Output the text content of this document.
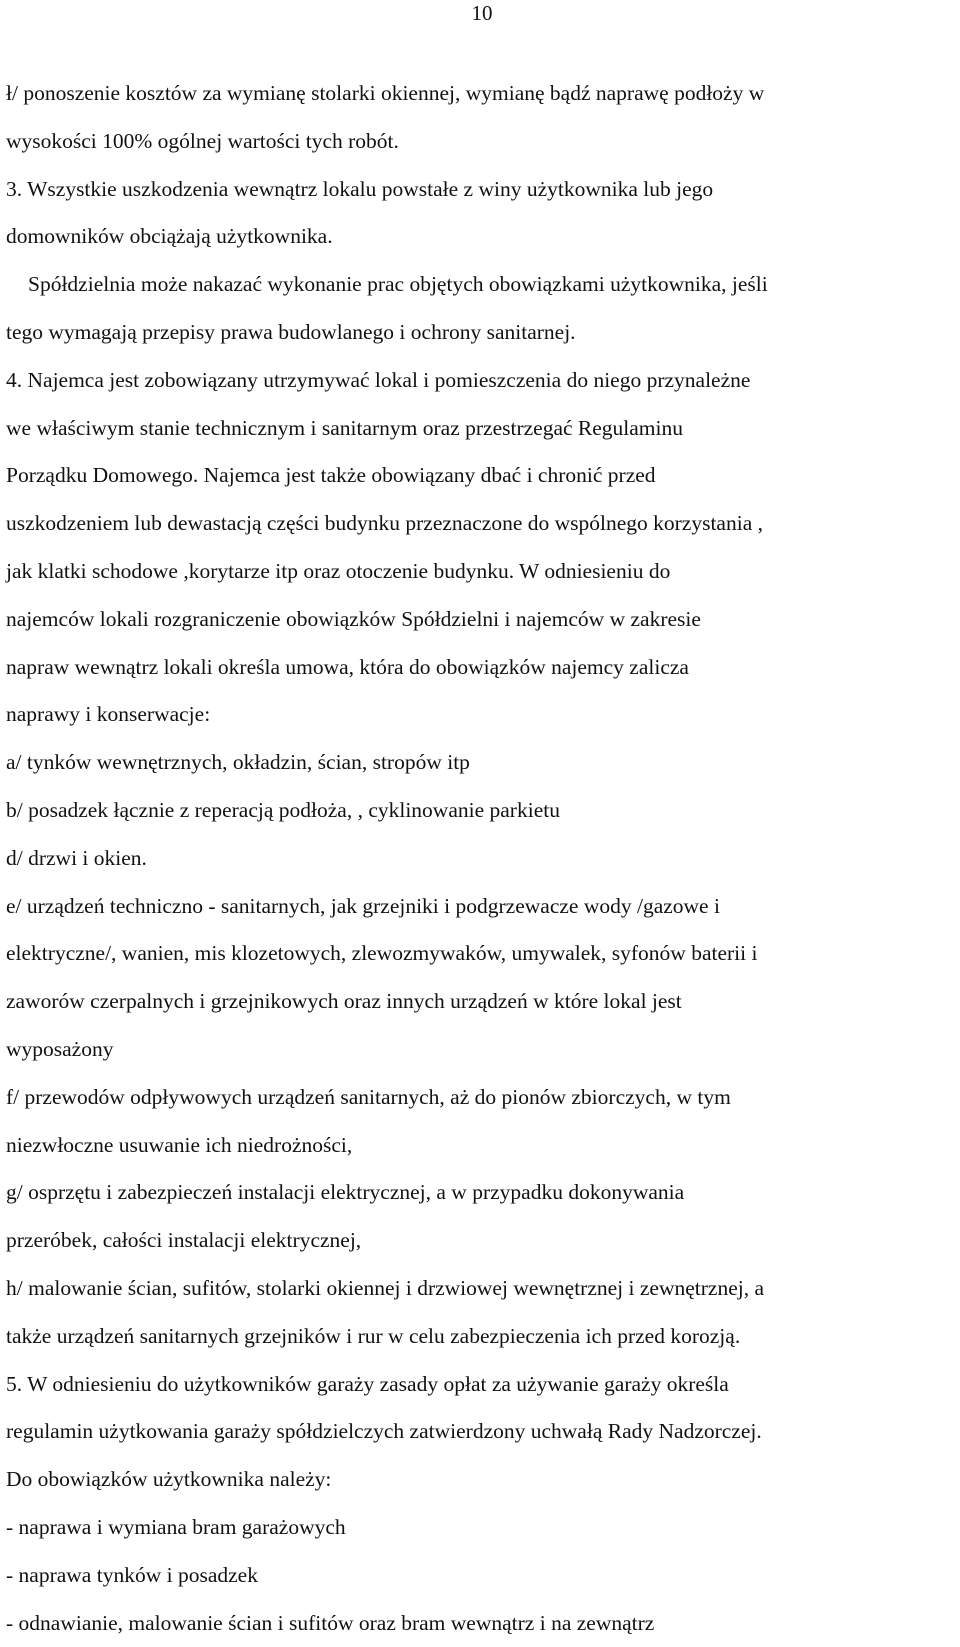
10
ł/ ponoszenie kosztów za wymianę stolarki okiennej, wymianę bądź naprawę podłoży w
wysokości 100% ogólnej wartości tych robót.
3. Wszystkie uszkodzenia wewnątrz lokalu powstałe z winy użytkownika lub jego
domowników obciążają użytkownika.
Spółdzielnia może nakazać wykonanie prac objętych obowiązkami użytkownika, jeśli
tego wymagają przepisy prawa budowlanego i ochrony sanitarnej.
4. Najemca jest zobowiązany utrzymywać lokal i pomieszczenia do niego przynależne
we właściwym stanie technicznym i sanitarnym oraz przestrzegać Regulaminu
Porządku Domowego. Najemca jest także obowiązany dbać i chronić przed
uszkodzeniem lub dewastacją części budynku przeznaczone do wspólnego korzystania ,
jak klatki schodowe ,korytarze itp oraz otoczenie budynku. W odniesieniu do
najemców lokali rozgraniczenie obowiązków Spółdzielni i najemców w zakresie
napraw wewnątrz lokali określa umowa, która do obowiązków najemcy zalicza
naprawy i konserwacje:
a/ tynków wewnętrznych, okładzin, ścian, stropów itp
b/ posadzek łącznie z reperacją podłoża, , cyklinowanie parkietu
d/ drzwi i okien.
e/ urządzeń techniczno - sanitarnych, jak grzejniki i podgrzewacze wody /gazowe i
elektryczne/, wanien, mis klozetowych, zlewozmywaków, umywalek, syfonów baterii i
zaworów czerpalnych i grzejnikowych oraz innych urządzeń w które lokal jest
wyposażony
f/ przewodów odpływowych urządzeń sanitarnych, aż do pionów zbiorczych, w tym
niezwłoczne usuwanie ich niedrożności,
g/ osprzętu i zabezpieczeń instalacji elektrycznej, a w przypadku dokonywania
przeróbek, całości instalacji elektrycznej,
h/ malowanie ścian, sufitów, stolarki okiennej i drzwiowej wewnętrznej i zewnętrznej, a
także urządzeń sanitarnych grzejników i rur w celu zabezpieczenia ich przed korozją.
5. W odniesieniu do użytkowników garaży zasady opłat za używanie garaży określa
regulamin użytkowania garaży spółdzielczych zatwierdzony uchwałą Rady Nadzorczej.
Do obowiązków użytkownika należy:
- naprawa i wymiana bram garażowych
- naprawa tynków i posadzek
- odnawianie, malowanie ścian i sufitów oraz bram wewnątrz i na zewnątrz
